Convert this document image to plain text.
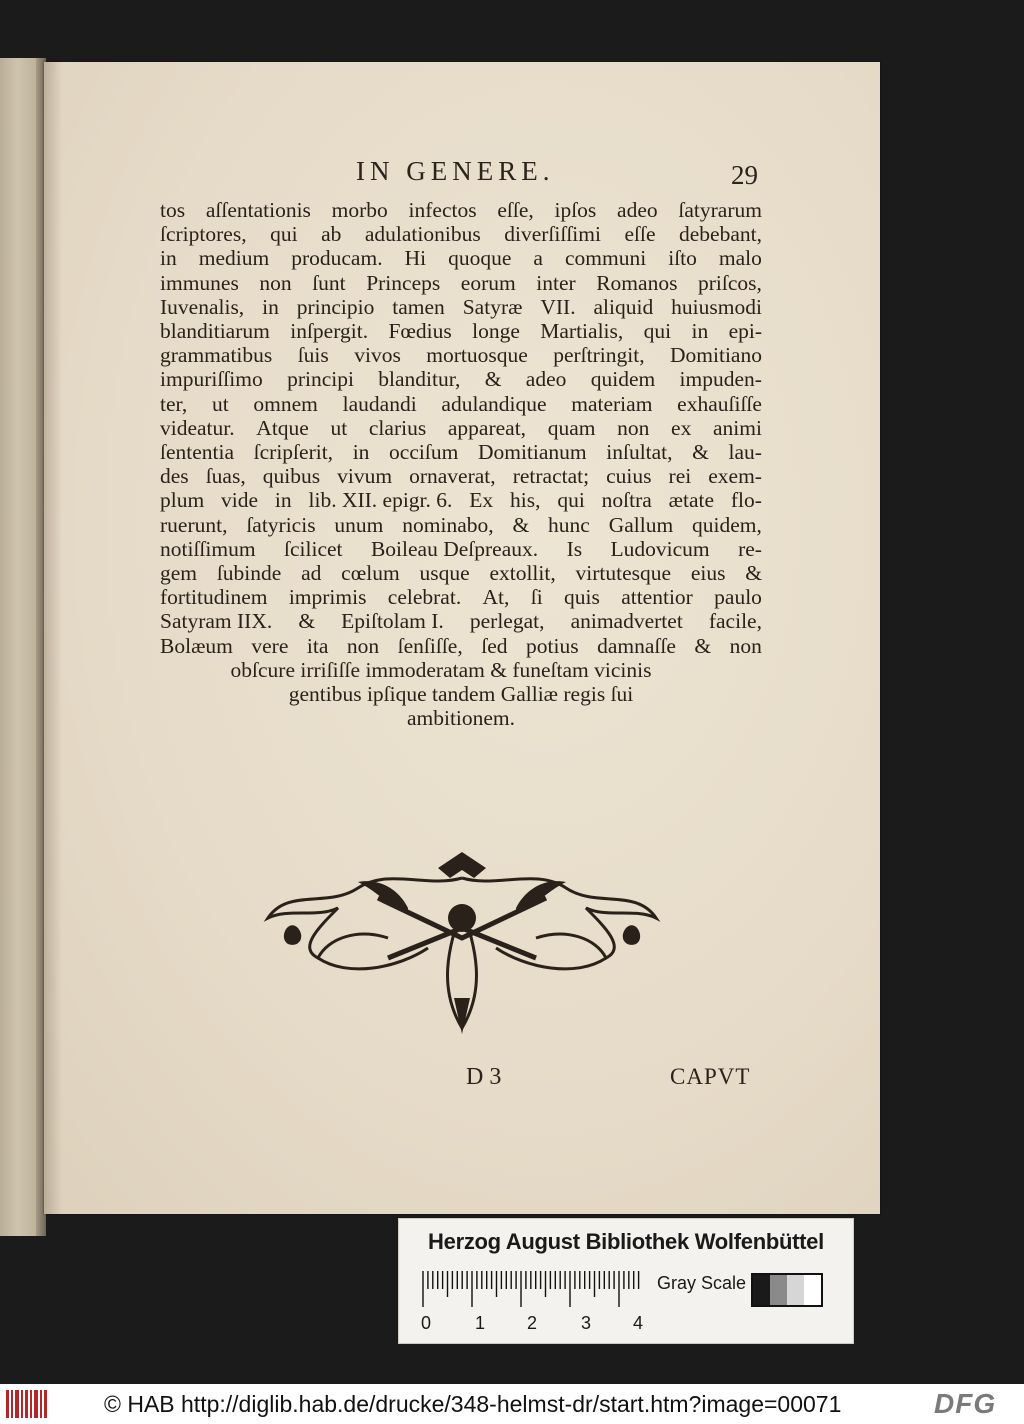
IN GENERE.	29
tos aſſentationis morbo infectos eſſe, ipſos adeo ſatyrarum
ſcriptores, qui ab adulationibus diverſiſſimi eſſe debebant,
in medium producam. Hi quoque a communi iſto malo
immunes non ſunt Princeps eorum inter Romanos priſcos,
Iuvenalis, in principio tamen Satyræ VII. aliquid huiusmodi
blanditiarum inſpergit. Fœdius longe Martialis, qui in epi-
grammatibus ſuis vivos mortuosque perſtringit, Domitiano
impuriſſimo principi blanditur, & adeo quidem impuden-
ter, ut omnem laudandi adulandique materiam exhauſiſſe
videatur. Atque ut clarius appareat, quam non ex animi
ſententia ſcripſerit, in occiſum Domitianum inſultat, & lau-
des ſuas, quibus vivum ornaverat, retractat; cuius rei exem-
plum vide in lib. XII. epigr. 6. Ex his, qui noſtra ætate flo-
ruerunt, ſatyricis unum nominabo, & hunc Gallum quidem,
notiſſimum ſcilicet Boileau Deſpreaux. Is Ludovicum re-
gem ſubinde ad cœlum usque extollit, virtutesque eius &
fortitudinem imprimis celebrat. At, ſi quis attentior paulo
Satyram IIX. & Epiſtolam I. perlegat, animadvertet facile,
Bolæum vere ita non ſenſiſſe, ſed potius damnaſſe & non
obſcure irriſiſſe immoderatam & funeſtam vicinis
gentibus ipſique tandem Galliæ regis ſui
ambitionem.
D 3	CAPVT
Herzog August Bibliothek Wolfenbüttel
0 1 2 3 4
Gray Scale
© HAB http://diglib.hab.de/drucke/348-helmst-dr/start.htm?image=00071	DFG
